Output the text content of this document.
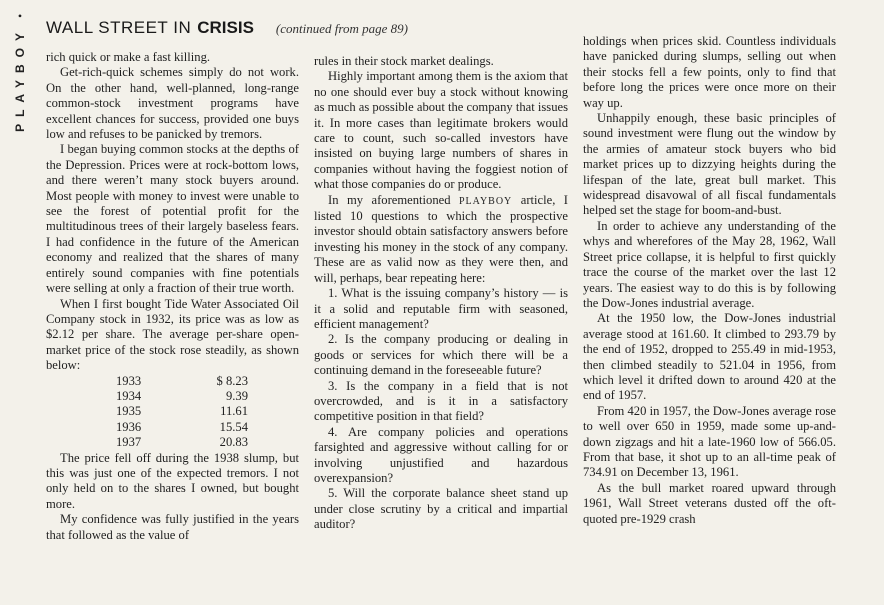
•
PLAYBOY WALL STREET IN CRISIS (continued from page 89)

rich quick or make a fast killing.

Get-rich-quick schemes simply do not work. On the other hand, well-planned, long-range common-stock investment programs have excellent chances for success, provided one buys low and refuses to be panicked by tremors.

I began buying common stocks at the depths of the Depression. Prices were at rock-bottom lows, and there weren’t many stock buyers around. Most people with money to invest were unable to see the forest of potential profit for the multitudinous trees of their largely baseless fears. I had confidence in the future of the American economy and realized that the shares of many entirely sound companies with fine potentials were selling at only a fraction of their true worth.

When I first bought Tide Water Associated Oil Company stock in 1932, its price was as low as $2.12 per share. The average per-share open-market price of the stock rose steadily, as shown below:

1933	$ 8.23
1934	9.39
1935	11.61
1936	15.54
1937	20.83

The price fell off during the 1938 slump, but this was just one of the expected tremors. I not only held on to the shares I owned, but bought more.

My confidence was fully justified in the years that followed as the value of

rules in their stock market dealings.

Highly important among them is the axiom that no one should ever buy a stock without knowing as much as possible about the company that issues it. In more cases than legitimate brokers would care to count, such so-called investors have insisted on buying large numbers of shares in companies without having the foggiest notion of what those companies do or produce.

In my aforementioned PLAYBOY article, I listed 10 questions to which the prospective investor should obtain satisfactory answers before investing his money in the stock of any company. These are as valid now as they were then, and will, perhaps, bear repeating here:

1. What is the issuing company’s history — is it a solid and reputable firm with seasoned, efficient management?

2. Is the company producing or dealing in goods or services for which there will be a continuing demand in the foreseeable future?

3. Is the company in a field that is not overcrowded, and is it in a satisfactory competitive position in that field?

4. Are company policies and operations farsighted and aggressive without calling for or involving unjustified and hazardous overexpansion?

5. Will the corporate balance sheet stand up under close scrutiny by a critical and impartial auditor?

holdings when prices skid. Countless individuals have panicked during slumps, selling out when their stocks fell a few points, only to find that before long the prices were once more on their way up.

Unhappily enough, these basic principles of sound investment were flung out the window by the armies of amateur stock buyers who bid market prices up to dizzying heights during the lifespan of the late, great bull market. This widespread disavowal of all fiscal fundamentals helped set the stage for boom-and-bust.

In order to achieve any understanding of the whys and wherefores of the May 28, 1962, Wall Street price collapse, it is helpful to first quickly trace the course of the market over the last 12 years. The easiest way to do this is by following the Dow-Jones industrial average.

At the 1950 low, the Dow-Jones industrial average stood at 161.60. It climbed to 293.79 by the end of 1952, dropped to 255.49 in mid-1953, then climbed steadily to 521.04 in 1956, from which level it drifted down to around 420 at the end of 1957.

From 420 in 1957, the Dow-Jones average rose to well over 650 in 1959, made some up-and-down zigzags and hit a late-1960 low of 566.05. From that base, it shot up to an all-time peak of 734.91 on December 13, 1961.

As the bull market roared upward through 1961, Wall Street veterans dusted off the oft-quoted pre-1929 crash
